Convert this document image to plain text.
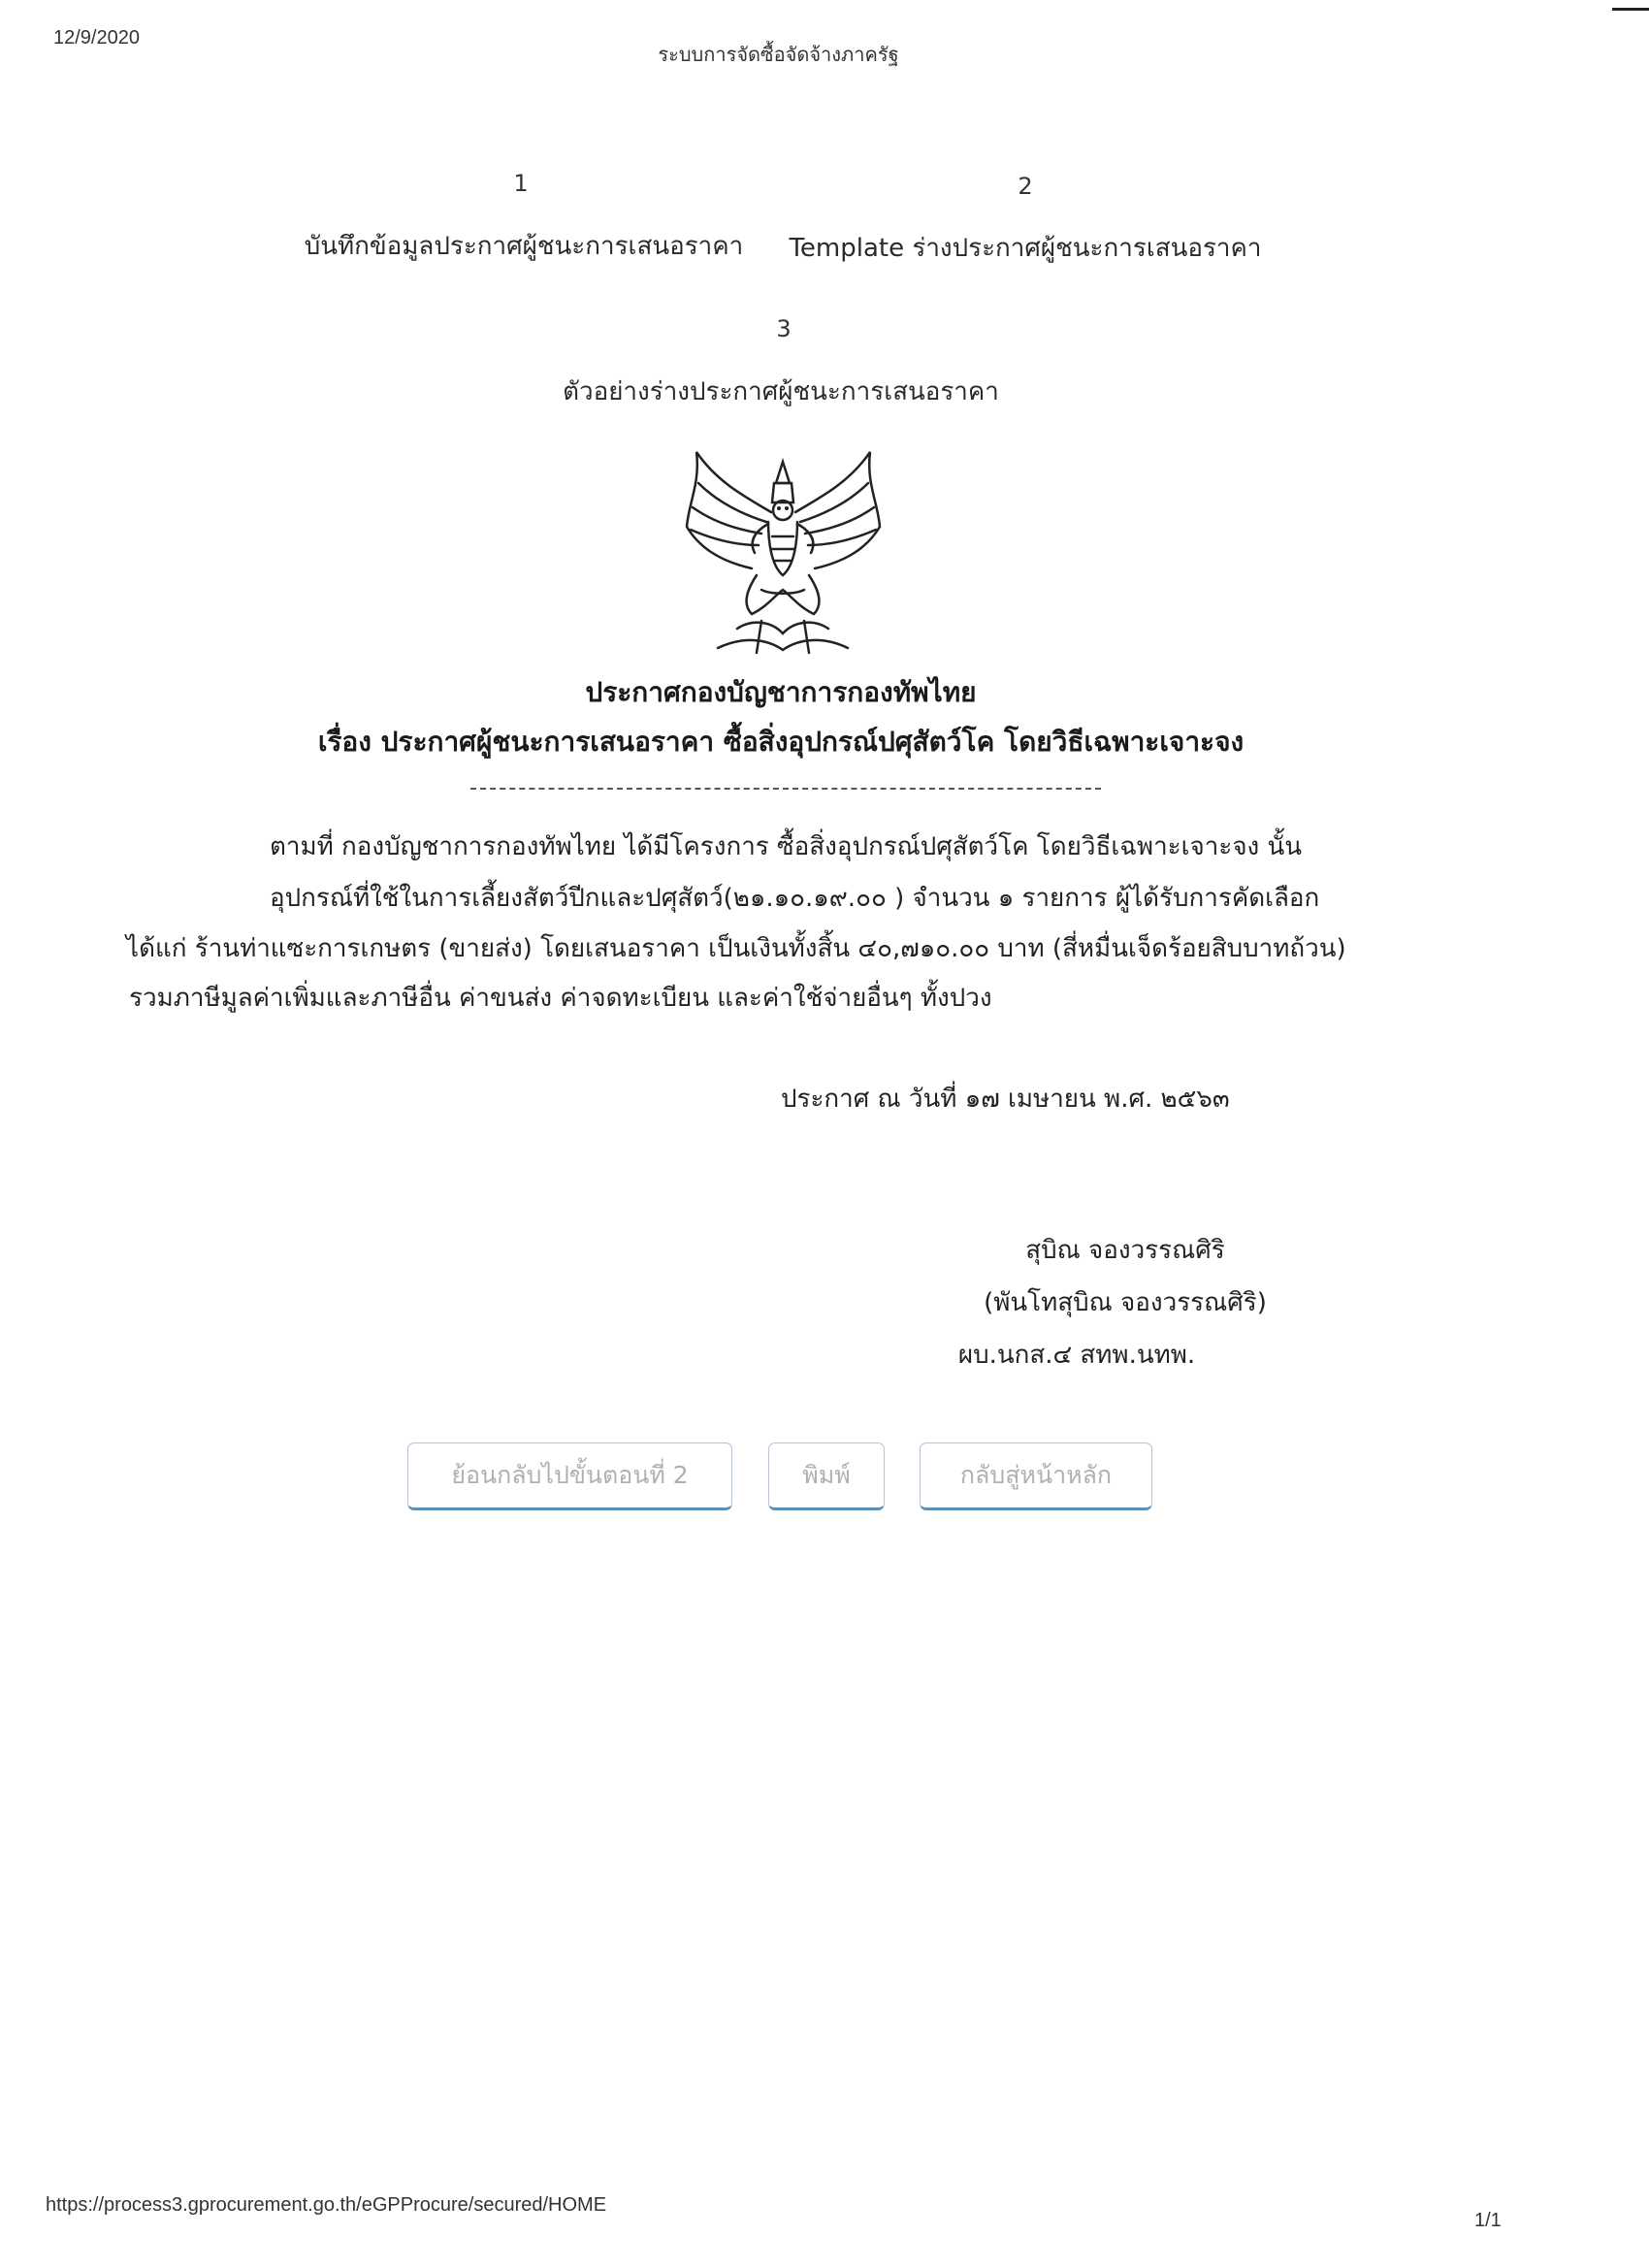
12/9/2020
ระบบการจัดซื้อจัดจ้างภาครัฐ
1
บันทึกข้อมูลประกาศผู้ชนะการเสนอราคา
2
Template ร่างประกาศผู้ชนะการเสนอราคา
3
ตัวอย่างร่างประกาศผู้ชนะการเสนอราคา
ประกาศกองบัญชาการกองทัพไทย
เรื่อง ประกาศผู้ชนะการเสนอราคา ซื้อสิ่งอุปกรณ์ปศุสัตว์โค โดยวิธีเฉพาะเจาะจง
ตามที่ กองบัญชาการกองทัพไทย ได้มีโครงการ ซื้อสิ่งอุปกรณ์ปศุสัตว์โค โดยวิธีเฉพาะเจาะจง นั้น
อุปกรณ์ที่ใช้ในการเลี้ยงสัตว์ปีกและปศุสัตว์(๒๑.๑๐.๑๙.๐๐ ) จำนวน ๑ รายการ ผู้ได้รับการคัดเลือก
ได้แก่ ร้านท่าแซะการเกษตร (ขายส่ง) โดยเสนอราคา เป็นเงินทั้งสิ้น ๔๐,๗๑๐.๐๐ บาท (สี่หมื่นเจ็ดร้อยสิบบาทถ้วน)
รวมภาษีมูลค่าเพิ่มและภาษีอื่น ค่าขนส่ง ค่าจดทะเบียน และค่าใช้จ่ายอื่นๆ ทั้งปวง
ประกาศ ณ วันที่ ๑๗ เมษายน พ.ศ. ๒๕๖๓
สุบิณ จองวรรณศิริ
(พันโทสุบิณ จองวรรณศิริ)
ผบ.นกส.๔ สทพ.นทพ.
ย้อนกลับไปขั้นตอนที่ 2	พิมพ์	กลับสู่หน้าหลัก
https://process3.gprocurement.go.th/eGPProcure/secured/HOME
1/1
